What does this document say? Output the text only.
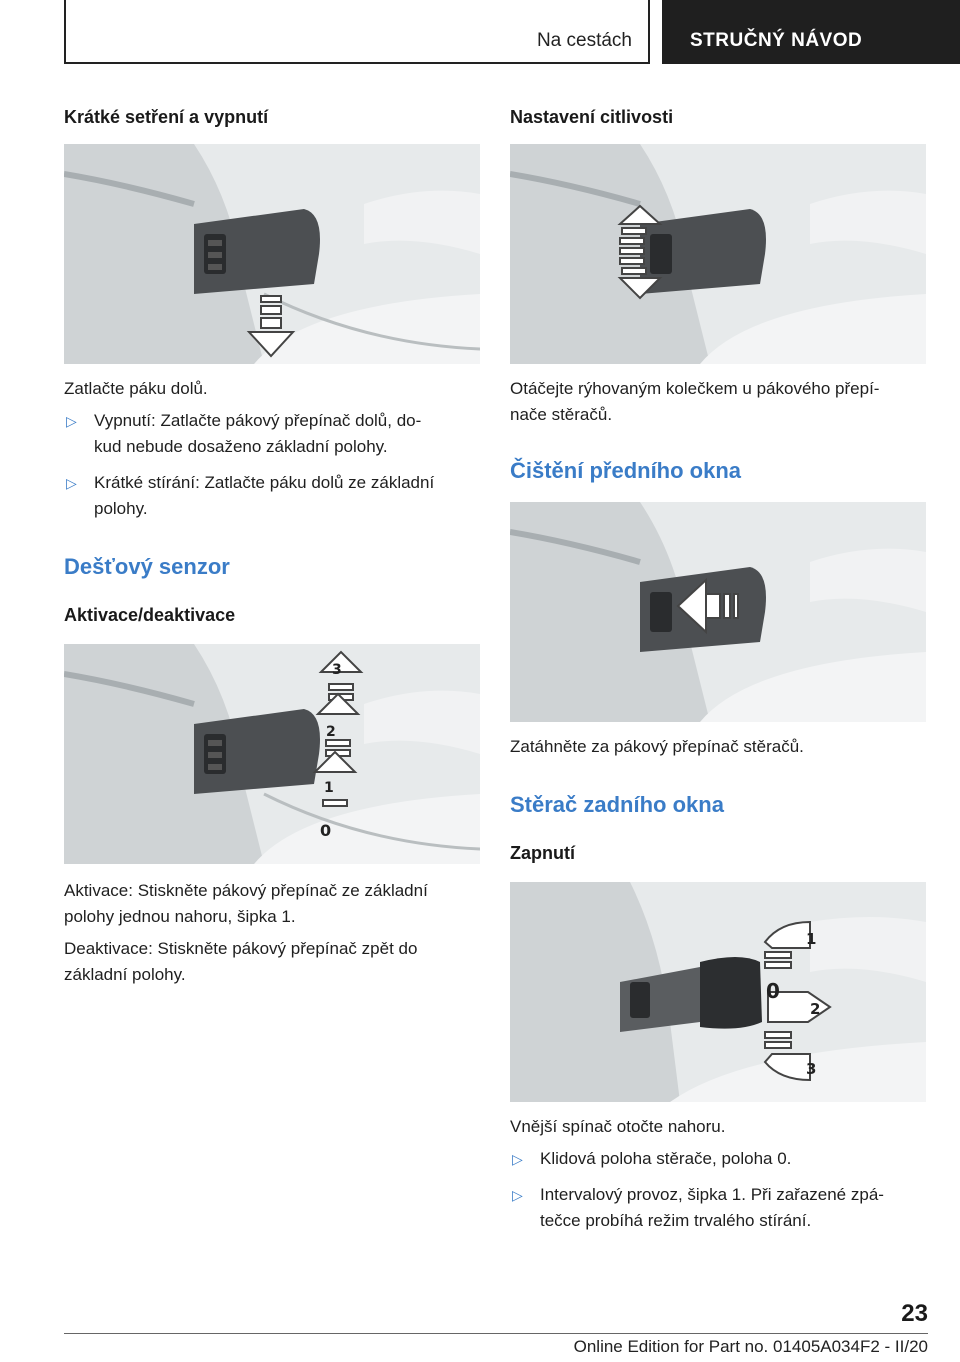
Na cestách	STRUČNÝ NÁVOD
Krátké setření a vypnutí

Zatlačte páku dolů.

▷ Vypnutí: Zatlačte pákový přepínač dolů, do-
kud nebude dosaženo základní polohy.
▷ Krátké stírání: Zatlačte páku dolů ze základní
polohy.
Dešťový senzor
Aktivace/deaktivace
3
2
1
0

Aktivace: Stiskněte pákový přepínač ze základní

polohy jednou nahoru, šipka 1.

Deaktivace: Stiskněte pákový přepínač zpět do

základní polohy.

Nastavení citlivosti

Otáčejte rýhovaným kolečkem u pákového přepí-

nače stěračů.

Čištění předního okna

Zatáhněte za pákový přepínač stěračů.

Stěrač zadního okna
Zapnutí
1
0
2
3

Vnější spínač otočte nahoru.

▷ Klidová poloha stěrače, poloha 0.
▷ Intervalový provoz, šipka 1. Při zařazené zpá-
tečce probíhá režim trvalého stírání.
23
Online Edition for Part no. 01405A034F2 - II/20
